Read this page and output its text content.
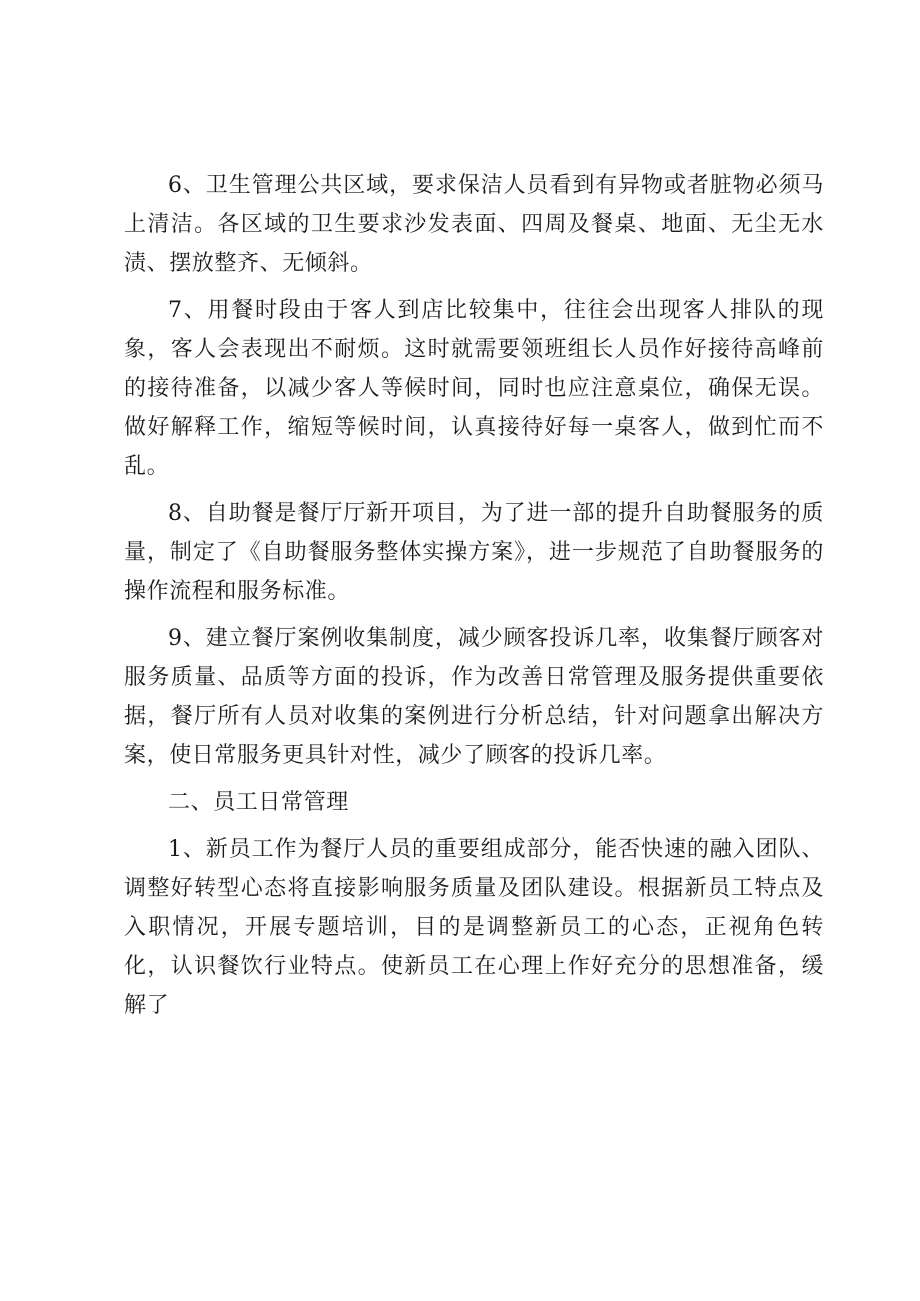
6、卫生管理公共区域，要求保洁人员看到有异物或者脏物必须马上清洁。各区域的卫生要求沙发表面、四周及餐桌、地面、无尘无水渍、摆放整齐、无倾斜。

7、用餐时段由于客人到店比较集中，往往会出现客人排队的现象，客人会表现出不耐烦。这时就需要领班组长人员作好接待高峰前的接待准备，以减少客人等候时间，同时也应注意桌位，确保无误。做好解释工作，缩短等候时间，认真接待好每一桌客人，做到忙而不乱。

8、自助餐是餐厅厅新开项目，为了进一部的提升自助餐服务的质量，制定了《自助餐服务整体实操方案》，进一步规范了自助餐服务的操作流程和服务标准。

9、建立餐厅案例收集制度，减少顾客投诉几率，收集餐厅顾客对服务质量、品质等方面的投诉，作为改善日常管理及服务提供重要依据，餐厅所有人员对收集的案例进行分析总结，针对问题拿出解决方案，使日常服务更具针对性，减少了顾客的投诉几率。

二、员工日常管理

1、新员工作为餐厅人员的重要组成部分，能否快速的融入团队、调整好转型心态将直接影响服务质量及团队建设。根据新员工特点及入职情况，开展专题培训，目的是调整新员工的心态，正视角色转化，认识餐饮行业特点。使新员工在心理上作好充分的思想准备，缓解了
